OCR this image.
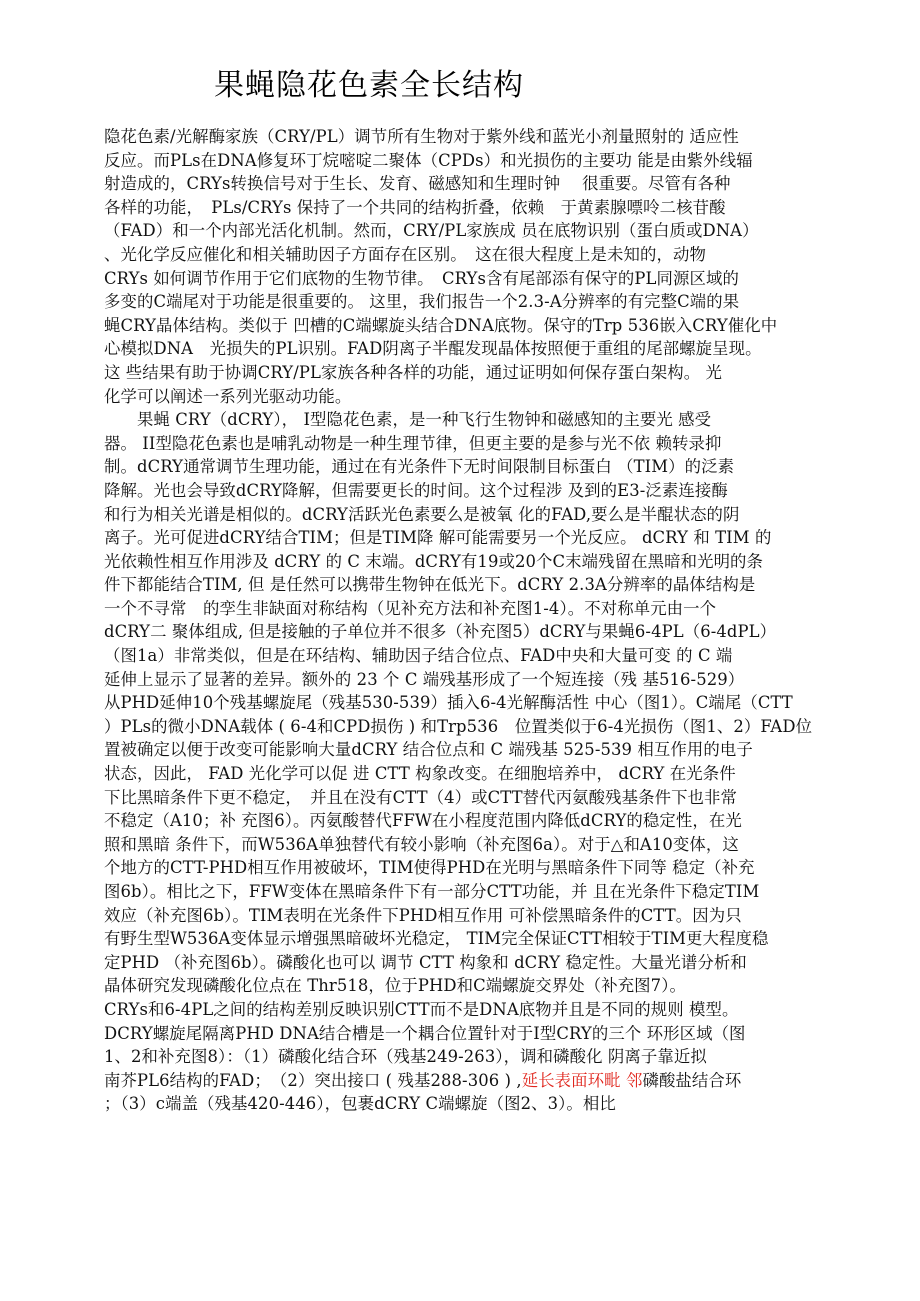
果蝇隐花色素全长结构
隐花色素/光解酶家族（CRY/PL）调节所有生物对于紫外线和蓝光小剂量照射的 适应性
反应。而PLs在DNA修复环丁烷嘧啶二聚体（CPDs）和光损伤的主要功 能是由紫外线辐
射造成的，CRYs转换信号对于生长、发育、磁感知和生理时钟 　很重要。尽管有各种
各样的功能，　PLs/CRYs 保持了一个共同的结构折叠，依赖　于黄素腺嘌呤二核苷酸
（FAD）和一个内部光活化机制。然而，CRY/PL家族成 员在底物识别（蛋白质或DNA）
、光化学反应催化和相关辅助因子方面存在区别。　这在很大程度上是未知的，动物
CRYs 如何调节作用于它们底物的生物节律。　CRYs含有尾部添有保守的PL同源区域的
多变的C端尾对于功能是很重要的。 这里，我们报告一个2.3-A分辨率的有完整C端的果
蝇CRY晶体结构。类似于 凹槽的C端螺旋头结合DNA底物。保守的Trp 536嵌入CRY催化中
心模拟DNA　光损失的PL识别。FAD阴离子半醌发现晶体按照便于重组的尾部螺旋呈现。
这 些结果有助于协调CRY/PL家族各种各样的功能，通过证明如何保存蛋白架构。 光
化学可以阐述一系列光驱动功能。
　　果蝇 CRY（dCRY）， I型隐花色素，是一种飞行生物钟和磁感知的主要光 感受
器。 II型隐花色素也是哺乳动物是一种生理节律，但更主要的是参与光不依 赖转录抑
制。dCRY通常调节生理功能，通过在有光条件下无时间限制目标蛋白 （TIM）的泛素
降解。光也会导致dCRY降解，但需要更长的时间。这个过程涉 及到的E3-泛素连接酶
和行为相关光谱是相似的。dCRY活跃光色素要么是被氧 化的FAD,要么是半醌状态的阴
离子。光可促进dCRY结合TIM；但是TIM降 解可能需要另一个光反应。 dCRY 和 TIM 的
光依赖性相互作用涉及 dCRY 的 C 末端。dCRY有19或20个C末端残留在黑暗和光明的条
件下都能结合TIM, 但 是任然可以携带生物钟在低光下。dCRY 2.3A分辨率的晶体结构是
一个不寻常　的孪生非缺面对称结构（见补充方法和补充图1-4）。不对称单元由一个
dCRY二 聚体组成, 但是接触的子单位并不很多（补充图5）dCRY与果蝇6-4PL（6-4dPL）
（图1a）非常类似，但是在环结构、辅助因子结合位点、FAD中央和大量可变 的 C 端
延伸上显示了显著的差异。额外的 23 个 C 端残基形成了一个短连接（残 基516-529）
从PHD延伸10个残基螺旋尾（残基530-539）插入6-4光解酶活性 中心（图1）。C端尾（CTT
）PLs的微小DNA载体 ( 6-4和CPD损伤 ) 和Trp536　位置类似于6-4光损伤（图1、2）FAD位
置被确定以便于改变可能影响大量dCRY 结合位点和 C 端残基 525-539 相互作用的电子
状态，因此， FAD 光化学可以促 进 CTT 构象改变。在细胞培养中， dCRY 在光条件
下比黑暗条件下更不稳定，　并且在没有CTT（4）或CTT替代丙氨酸残基条件下也非常
不稳定（A10；补 充图6）。丙氨酸替代FFW在小程度范围内降低dCRY的稳定性，在光
照和黑暗 条件下，而W536A单独替代有较小影响（补充图6a）。对于△和A10变体，这
个地方的CTT-PHD相互作用被破坏，TIM使得PHD在光明与黑暗条件下同等 稳定（补充
图6b）。相比之下，FFW变体在黑暗条件下有一部分CTT功能，并 且在光条件下稳定TIM
效应（补充图6b）。TIM表明在光条件下PHD相互作用 可补偿黑暗条件的CTT。因为只
有野生型W536A变体显示增强黑暗破坏光稳定， TIM完全保证CTT相较于TIM更大程度稳
定PHD （补充图6b）。磷酸化也可以 调节 CTT 构象和 dCRY 稳定性。大量光谱分析和
晶体研究发现磷酸化位点在 Thr518，位于PHD和C端螺旋交界处（补充图7）。
CRYs和6-4PL之间的结构差别反映识别CTT而不是DNA底物并且是不同的规则 模型。
DCRY螺旋尾隔离PHD DNA结合槽是一个耦合位置针对于I型CRY的三个 环形区域（图
1、2和补充图8）：（1）磷酸化结合环（残基249-263），调和磷酸化 阴离子靠近拟
南芥PL6结构的FAD；　（2）突出接口 ( 残基288-306 ) ,延长表面环毗 邻磷酸盐结合环
；（3）c端盖（残基420-446），包裹dCRY C端螺旋（图2、3）。相比
